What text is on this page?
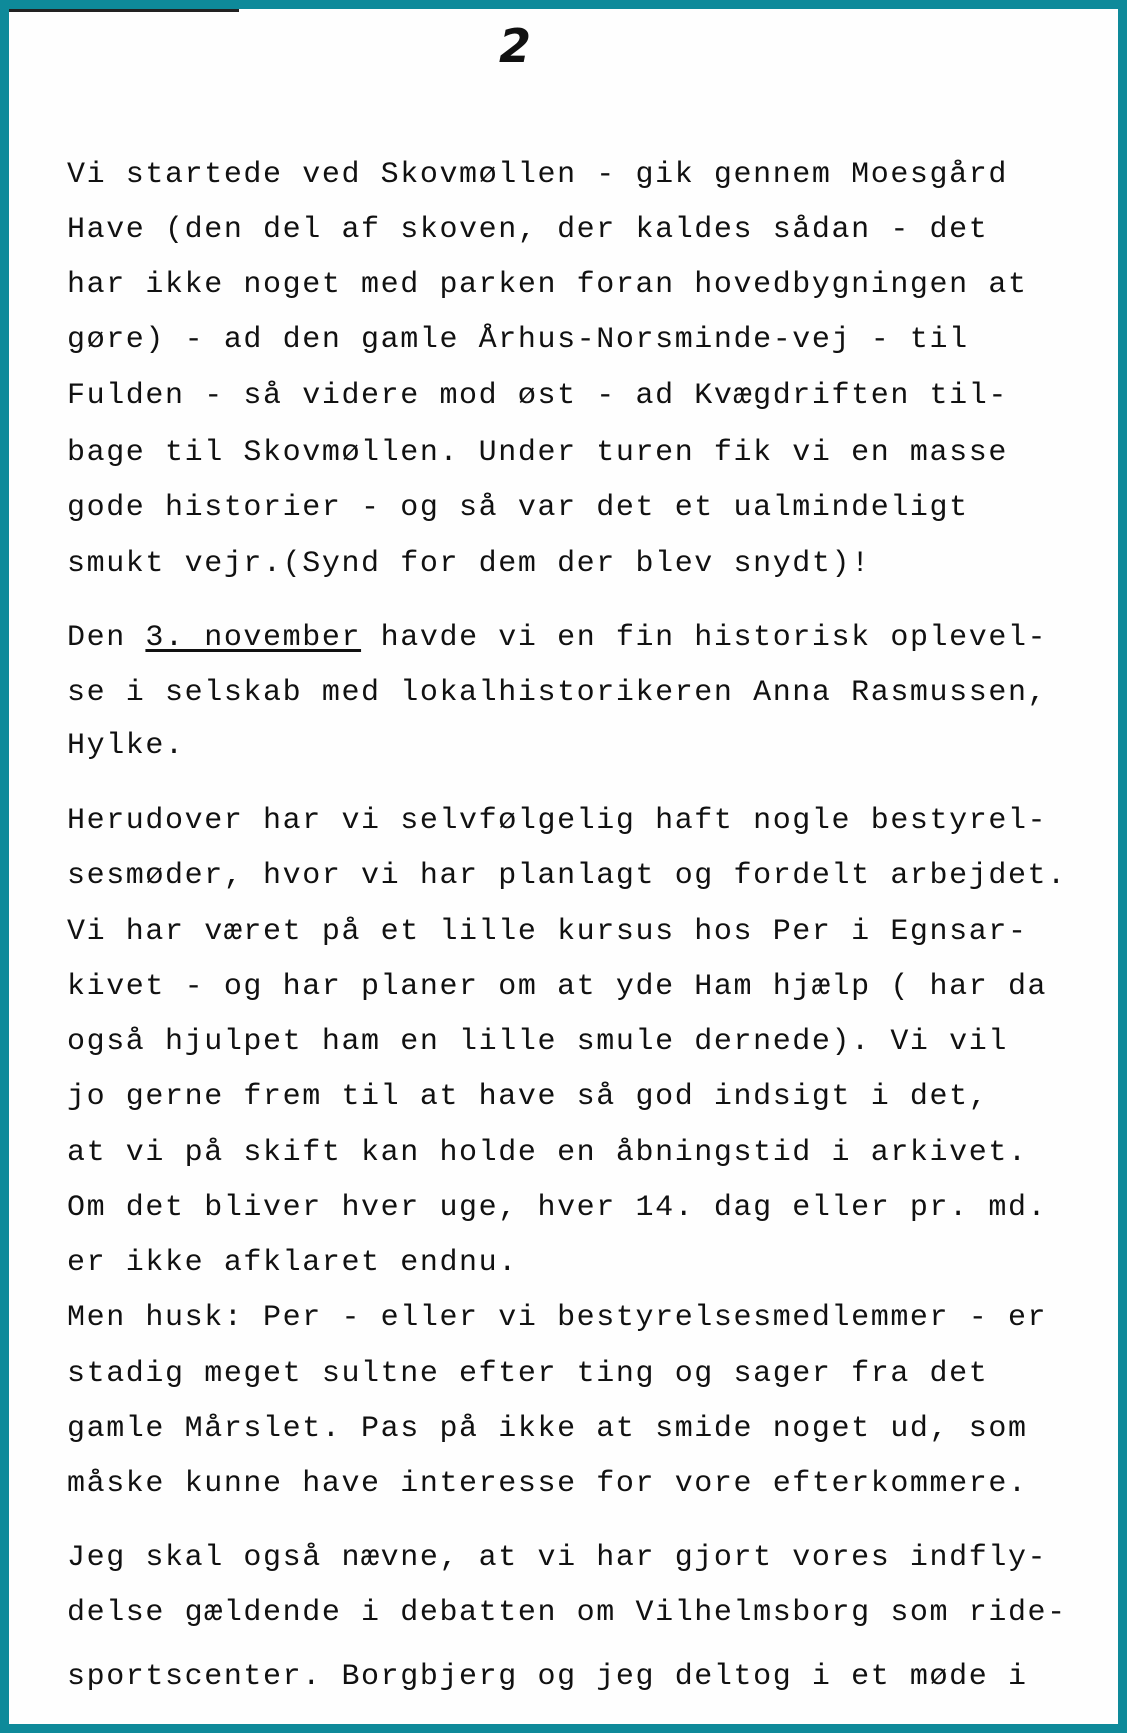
2
Vi startede ved Skovmøllen - gik gennem Moesgård
Have (den del af skoven, der kaldes sådan - det
har ikke noget med parken foran hovedbygningen at
gøre) - ad den gamle Århus-Norsminde-vej - til
Fulden - så videre mod øst - ad Kvægdriften til-
bage til Skovmøllen. Under turen fik vi en masse
gode historier - og så var det et ualmindeligt
smukt vejr.(Synd for dem der blev snydt)!
Den 3. november havde vi en fin historisk oplevel-
se i selskab med lokalhistorikeren Anna Rasmussen,
Hylke.
Herudover har vi selvfølgelig haft nogle bestyrel-
sesmøder, hvor vi har planlagt og fordelt arbejdet.
Vi har været på et lille kursus hos Per i Egnsar-
kivet - og har planer om at yde Ham hjælp ( har da
også hjulpet ham en lille smule dernede). Vi vil
jo gerne frem til at have så god indsigt i det,
at vi på skift kan holde en åbningstid i arkivet.
Om det bliver hver uge, hver 14. dag eller pr. md.
er ikke afklaret endnu.
Men husk: Per - eller vi bestyrelsesmedlemmer - er
stadig meget sultne efter ting og sager fra det
gamle Mårslet. Pas på ikke at smide noget ud, som
måske kunne have interesse for vore efterkommere.
Jeg skal også nævne, at vi har gjort vores indfly-
delse gældende i debatten om Vilhelmsborg som ride-
sportscenter. Borgbjerg og jeg deltog i et møde i
